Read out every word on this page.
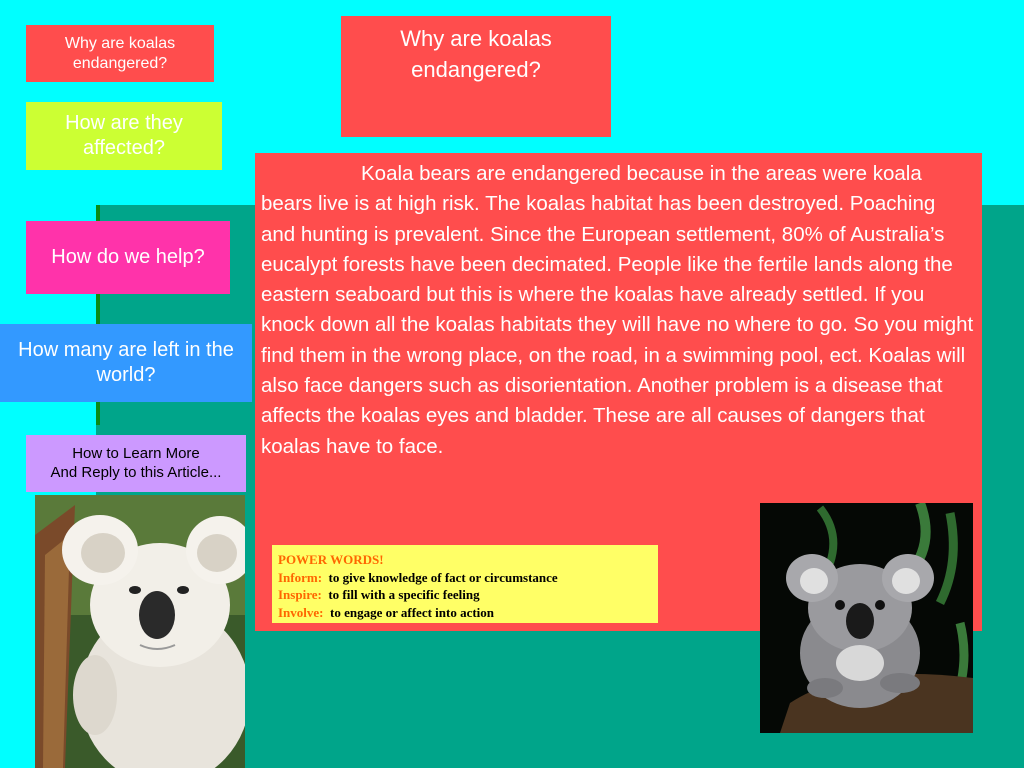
Why are koalas endangered?
How are they affected?
How do we help?
How many are left in the world?
How to Learn More
And Reply to this Article...
Why are koalas endangered?
Koala bears are endangered because in the areas were koala bears live is at high risk. The koalas habitat has been destroyed. Poaching and hunting is prevalent. Since the European settlement, 80% of Australia’s eucalypt forests have been decimated. People like the fertile lands along the eastern seaboard but this is where the koalas have already settled. If you knock down all the koalas habitats they will have no where to go. So you might find them in the wrong place, on the road, in a swimming pool, ect. Koalas will also face dangers such as disorientation. Another problem is a disease that affects the koalas eyes and bladder. These are all causes of dangers that koalas have to face.
POWER WORDS!
Inform: to give knowledge of fact or circumstance
Inspire: to fill with a specific feeling
Involve: to engage or affect into action
